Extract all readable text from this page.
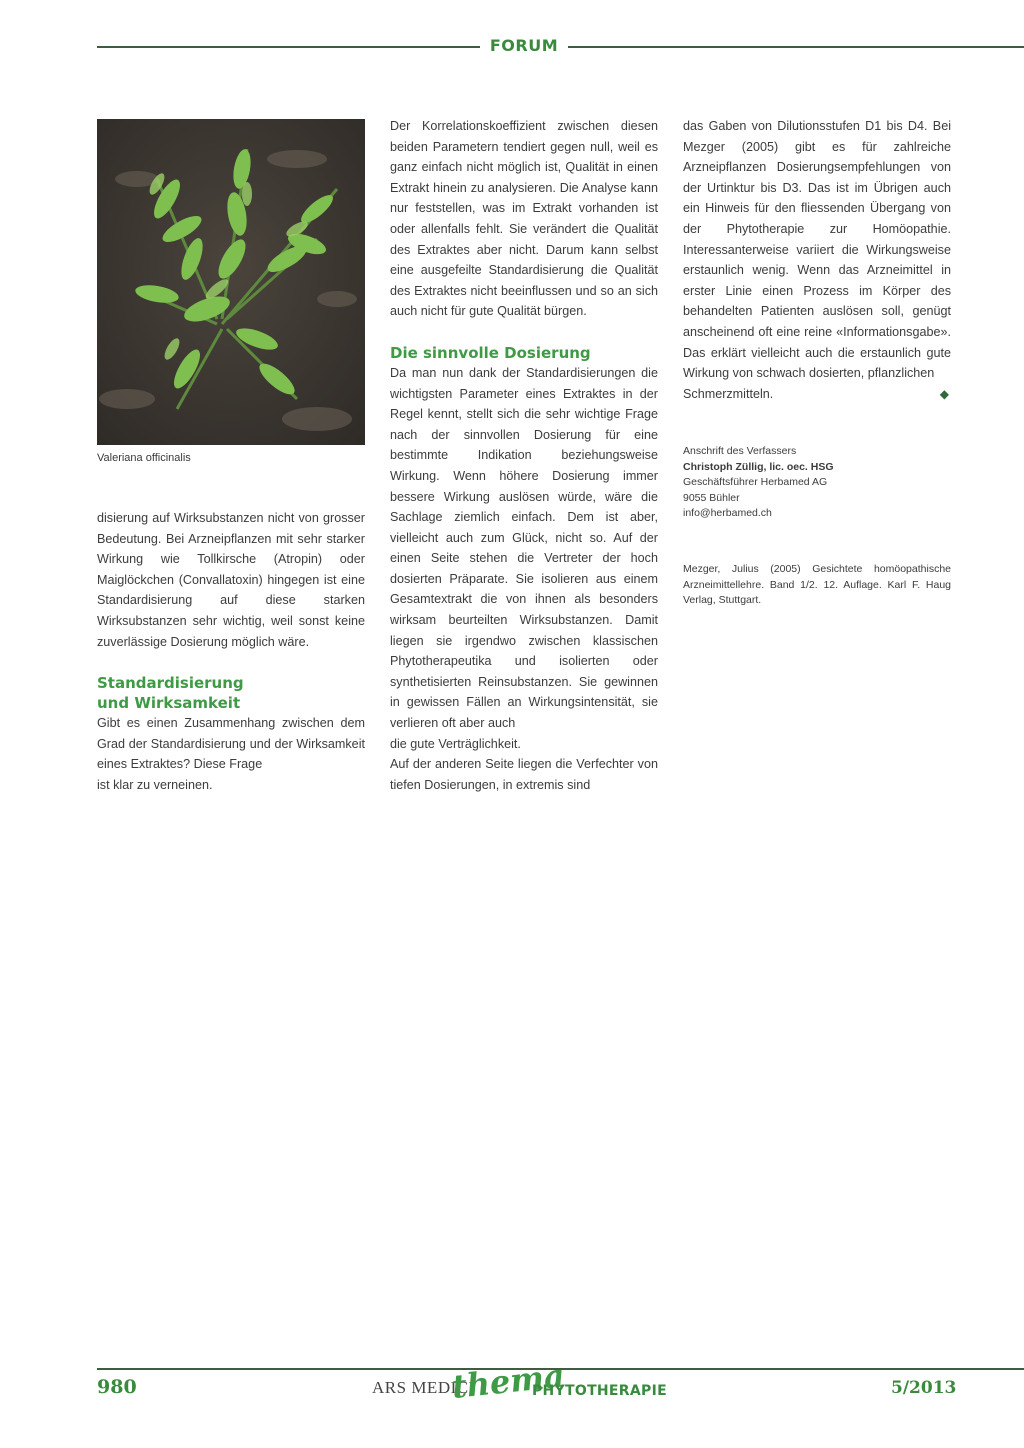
FORUM
Valeriana officinalis

disierung auf Wirksubstanzen nicht von grosser Bedeutung. Bei Arzneipflanzen mit sehr starker Wirkung wie Tollkirsche (Atropin) oder Maiglöckchen (Convallatoxin) hingegen ist eine Standardisierung auf diese starken Wirksubstanzen sehr wichtig, weil sonst keine zuverlässige Dosierung möglich wäre.

Standardisierung
und Wirksamkeit

Gibt es einen Zusammenhang zwischen dem Grad der Standardisierung und der Wirksamkeit eines Extraktes? Diese Frage

ist klar zu verneinen.

Der Korrelationskoeffizient zwischen diesen beiden Parametern tendiert gegen null, weil es ganz einfach nicht möglich ist, Qualität in einen Extrakt hinein zu analysieren. Die Analyse kann nur feststellen, was im Extrakt vorhanden ist oder allenfalls fehlt. Sie verändert die Qualität des Extraktes aber nicht. Darum kann selbst eine ausgefeilte Standardisierung die Qualität des Extraktes nicht beeinflussen und so an sich auch nicht für gute Qualität bürgen.

Die sinnvolle Dosierung

Da man nun dank der Standardisierungen die wichtigsten Parameter eines Extraktes in der Regel kennt, stellt sich die sehr wichtige Frage nach der sinnvollen Dosierung für eine bestimmte Indikation beziehungsweise Wirkung. Wenn höhere Dosierung immer bessere Wirkung auslösen würde, wäre die Sachlage ziemlich einfach. Dem ist aber, vielleicht auch zum Glück, nicht so. Auf der einen Seite stehen die Vertreter der hoch dosierten Präparate. Sie isolieren aus einem Gesamtextrakt die von ihnen als besonders wirksam beurteilten Wirksubstanzen. Damit liegen sie irgendwo zwischen klassischen Phytotherapeutika und isolierten oder synthetisierten Reinsubstanzen. Sie gewinnen in gewissen Fällen an Wirkungsintensität, sie verlieren oft aber auch

die gute Verträglichkeit.

Auf der anderen Seite liegen die Verfechter von tiefen Dosierungen, in extremis sind

das Gaben von Dilutionsstufen D1 bis D4. Bei Mezger (2005) gibt es für zahlreiche Arzneipflanzen Dosierungsempfehlungen von der Urtinktur bis D3. Das ist im Übrigen auch ein Hinweis für den fliessenden Übergang von der Phytotherapie zur Homöopathie. Interessanterweise variiert die Wirkungsweise erstaunlich wenig. Wenn das Arzneimittel in erster Linie einen Prozess im Körper des behandelten Patienten auslösen soll, genügt anscheinend oft eine reine «Informationsgabe». Das erklärt vielleicht auch die erstaunlich gute Wirkung von schwach dosierten, pflanzlichen

Schmerzmitteln.	◆

Anschrift des Verfassers
Christoph Züllig, lic. oec. HSG
Geschäftsführer Herbamed AG
9055 Bühler
info@herbamed.ch
Mezger, Julius (2005) Gesichtete homöopathische Arzneimittellehre. Band 1/2. 12. Auflage. Karl F. Haug Verlag, Stuttgart.
980	ARS MEDICI
thema
PHYTOTHERAPIE	5/2013
